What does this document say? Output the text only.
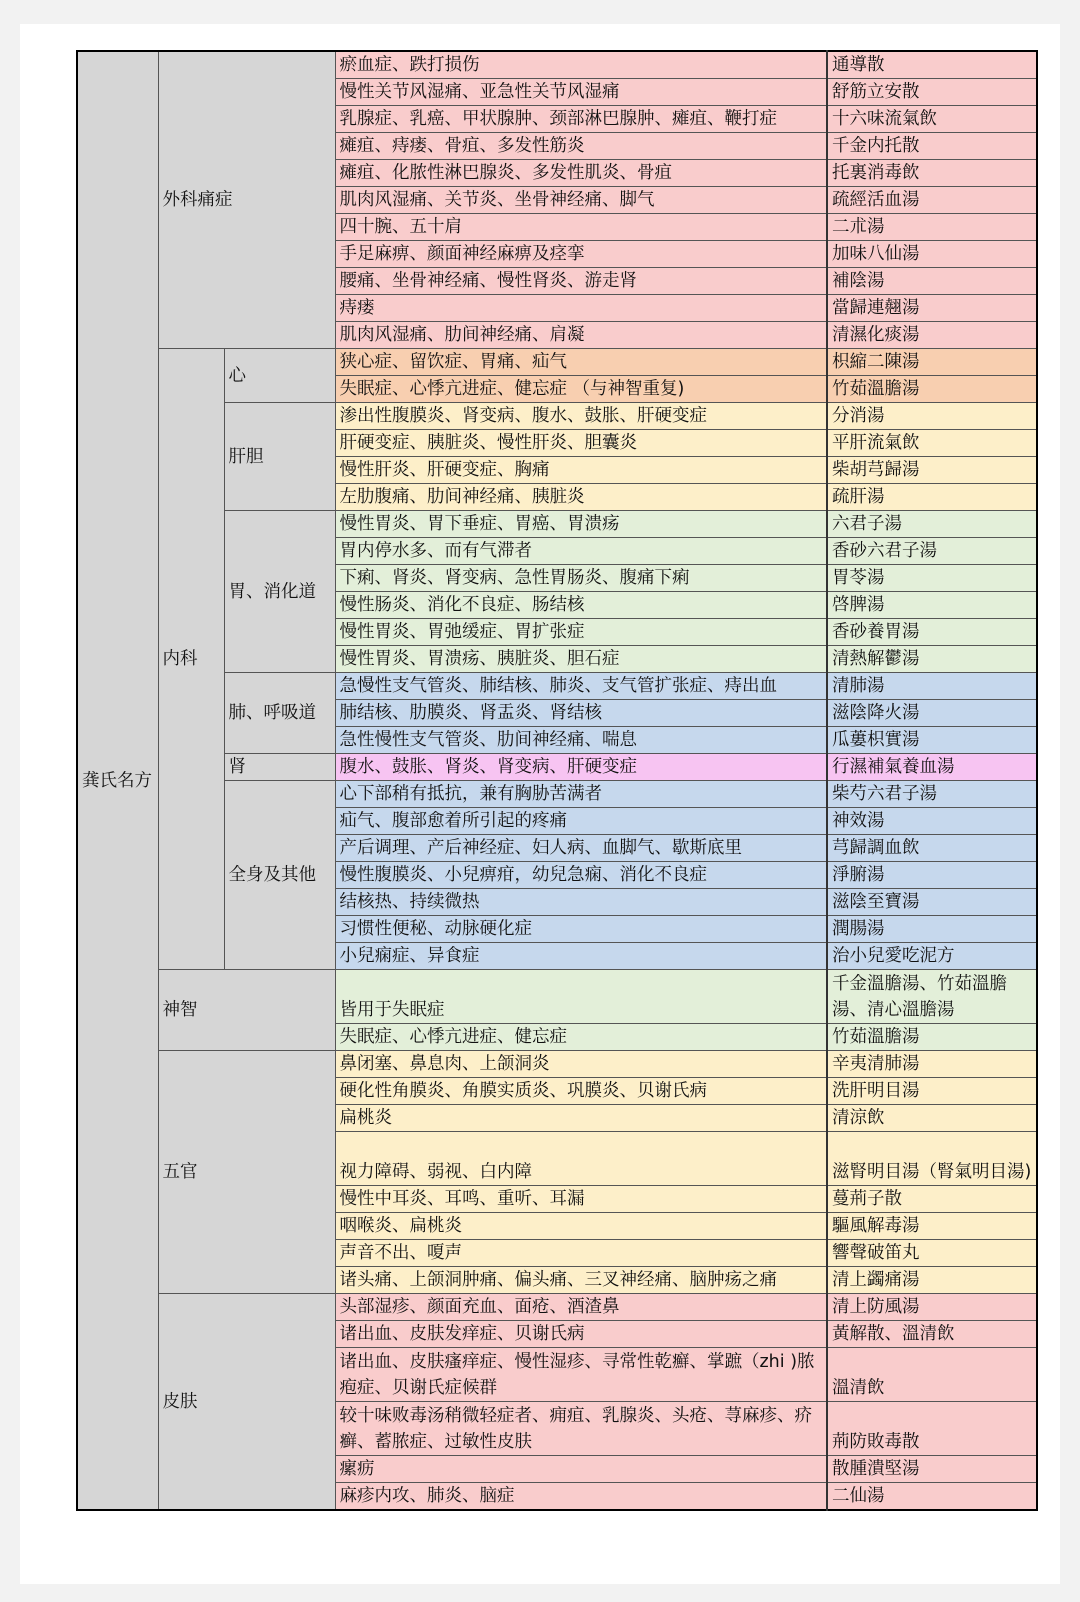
龚氏名方	外科痛症		瘀血症、跌打损伤	通導散
			慢性关节风湿痛、亚急性关节风湿痛	舒筋立安散
			乳腺症、乳癌、甲状腺肿、颈部淋巴腺肿、瘫疽、鞭打症	十六味流氣飲
			瘫疽、痔瘘、骨疽、多发性筋炎	千金内托散
			瘫疽、化脓性淋巴腺炎、多发性肌炎、骨疽	托裏消毒飲
			肌肉风湿痛、关节炎、坐骨神经痛、脚气	疏經活血湯
			四十腕、五十肩	二朮湯
			手足麻痹、颜面神经麻痹及痉挛	加味八仙湯
			腰痛、坐骨神经痛、慢性肾炎、游走肾	補陰湯
			痔瘘	當歸連翹湯
			肌肉风湿痛、肋间神经痛、肩凝	清濕化痰湯
	内科	心	狭心症、留饮症、胃痛、疝气	枳縮二陳湯
			失眠症、心悸亢进症、健忘症 （与神智重复)	竹茹溫膽湯
		肝胆	渗出性腹膜炎、肾变病、腹水、鼓胀、肝硬变症	分消湯
			肝硬变症、胰脏炎、慢性肝炎、胆囊炎	平肝流氣飲
			慢性肝炎、肝硬变症、胸痛	柴胡芎歸湯
			左肋腹痛、肋间神经痛、胰脏炎	疏肝湯
		胃、消化道	慢性胃炎、胃下垂症、胃癌、胃溃疡	六君子湯
			胃内停水多、而有气滞者	香砂六君子湯
			下痢、肾炎、肾变病、急性胃肠炎、腹痛下痢	胃苓湯
			慢性肠炎、消化不良症、肠结核	啓脾湯
			慢性胃炎、胃弛缓症、胃扩张症	香砂養胃湯
			慢性胃炎、胃溃疡、胰脏炎、胆石症	清熱解鬱湯
		肺、呼吸道	急慢性支气管炎、肺结核、肺炎、支气管扩张症、痔出血	清肺湯
			肺结核、肋膜炎、肾盂炎、肾结核	滋陰降火湯
			急性慢性支气管炎、肋间神经痛、喘息	瓜蔞枳實湯
		肾	腹水、鼓胀、肾炎、肾变病、肝硬变症	行濕補氣養血湯
		全身及其他	心下部稍有抵抗，兼有胸胁苦满者	柴芍六君子湯
			疝气、腹部愈着所引起的疼痛	神效湯
			产后调理、产后神经症、妇人病、血脚气、歇斯底里	芎歸調血飲
			慢性腹膜炎、小兒痹疳，幼兒急痫、消化不良症	淨腑湯
			结核热、持续微热	滋陰至寶湯
			习惯性便秘、动脉硬化症	潤腸湯
			小兒痫症、异食症	治小兒愛吃泥方
	神智		皆用于失眠症	千金溫膽湯、竹茹溫膽湯、清心溫膽湯
			失眠症、心悸亢进症、健忘症	竹茹溫膽湯
	五官		鼻闭塞、鼻息肉、上颌洞炎	辛夷清肺湯
			硬化性角膜炎、角膜实质炎、巩膜炎、贝谢氏病	洗肝明目湯
			扁桃炎	清涼飲
			视力障碍、弱视、白内障	滋腎明目湯（腎氣明目湯)
			慢性中耳炎、耳鸣、重听、耳漏	蔓荊子散
			咽喉炎、扁桃炎	驅風解毒湯
			声音不出、嗄声	響聲破笛丸
			诸头痛、上颌洞肿痛、偏头痛、三叉神经痛、脑肿疡之痛	清上蠲痛湯
	皮肤		头部湿疹、颜面充血、面疮、酒渣鼻	清上防風湯
			诸出血、皮肤发痒症、贝谢氏病	黃解散、溫清飲
			诸出血、皮肤瘙痒症、慢性湿疹、寻常性乾癬、掌蹠（zhi )脓疱症、贝谢氏症候群	溫清飲
			较十味败毒汤稍微轻症者、痈疽、乳腺炎、头疮、荨麻疹、疥癣、蓄脓症、过敏性皮肤	荊防敗毒散
			瘰疬	散腫潰堅湯
			麻疹内攻、肺炎、脑症	二仙湯
